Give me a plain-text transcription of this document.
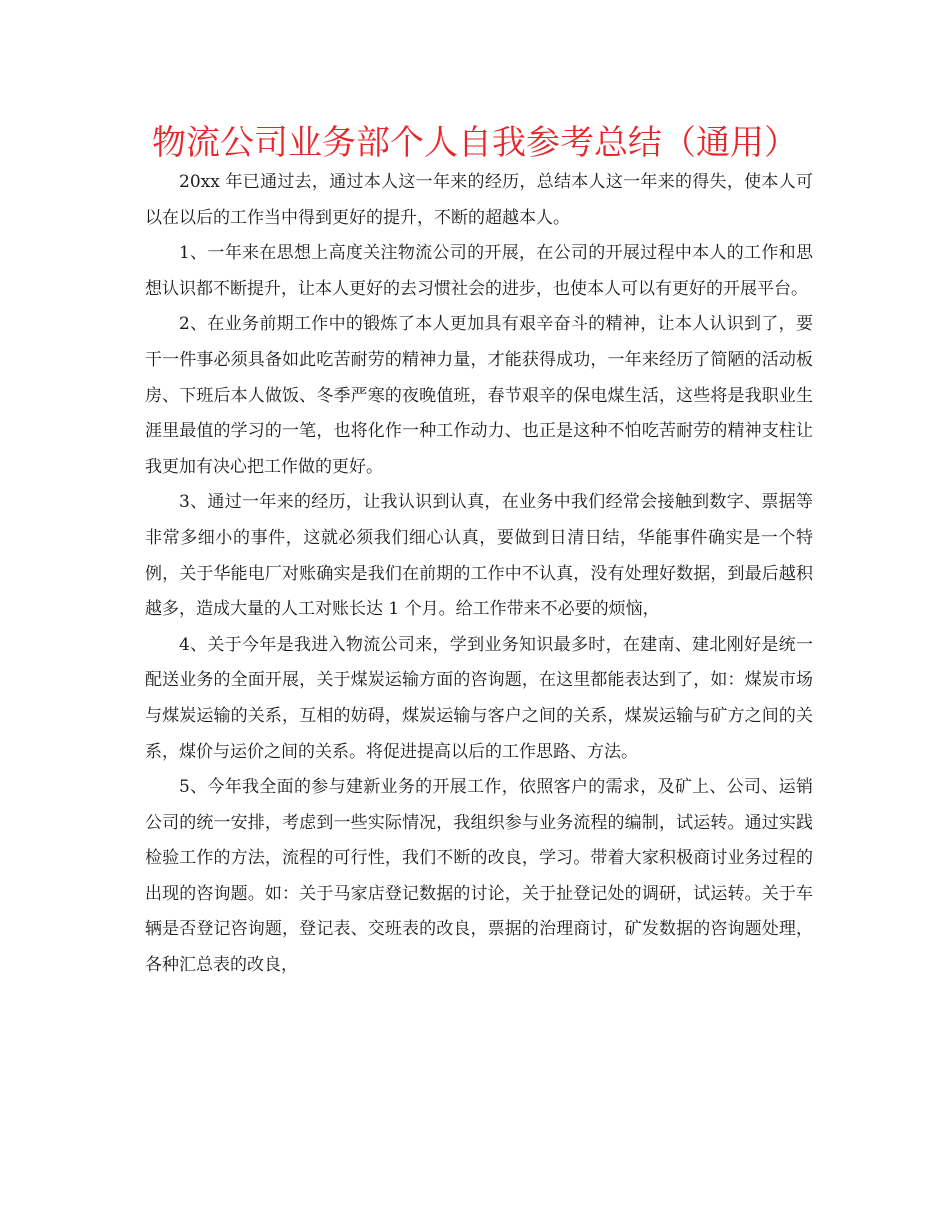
物流公司业务部个人自我参考总结（通用）

20xx 年已通过去，通过本人这一年来的经历，总结本人这一年来的得失，使本人可以在以后的工作当中得到更好的提升，不断的超越本人。

1、一年来在思想上高度关注物流公司的开展，在公司的开展过程中本人的工作和思想认识都不断提升，让本人更好的去习惯社会的进步，也使本人可以有更好的开展平台。

2、在业务前期工作中的锻炼了本人更加具有艰辛奋斗的精神，让本人认识到了，要干一件事必须具备如此吃苦耐劳的精神力量，才能获得成功，一年来经历了简陋的活动板房、下班后本人做饭、冬季严寒的夜晚值班，春节艰辛的保电煤生活，这些将是我职业生涯里最值的学习的一笔，也将化作一种工作动力、也正是这种不怕吃苦耐劳的精神支柱让我更加有决心把工作做的更好。

3、通过一年来的经历，让我认识到认真，在业务中我们经常会接触到数字、票据等非常多细小的事件，这就必须我们细心认真，要做到日清日结，华能事件确实是一个特例，关于华能电厂对账确实是我们在前期的工作中不认真，没有处理好数据，到最后越积越多，造成大量的人工对账长达 1 个月。给工作带来不必要的烦恼，

4、关于今年是我进入物流公司来，学到业务知识最多时，在建南、建北刚好是统一配送业务的全面开展，关于煤炭运输方面的咨询题，在这里都能表达到了，如：煤炭市场与煤炭运输的关系，互相的妨碍，煤炭运输与客户之间的关系，煤炭运输与矿方之间的关系，煤价与运价之间的关系。将促进提高以后的工作思路、方法。

5、今年我全面的参与建新业务的开展工作，依照客户的需求，及矿上、公司、运销公司的统一安排，考虑到一些实际情况，我组织参与业务流程的编制，试运转。通过实践检验工作的方法，流程的可行性，我们不断的改良，学习。带着大家积极商讨业务过程的出现的咨询题。如：关于马家店登记数据的讨论，关于扯登记处的调研，试运转。关于车辆是否登记咨询题，登记表、交班表的改良，票据的治理商讨，矿发数据的咨询题处理，各种汇总表的改良，
